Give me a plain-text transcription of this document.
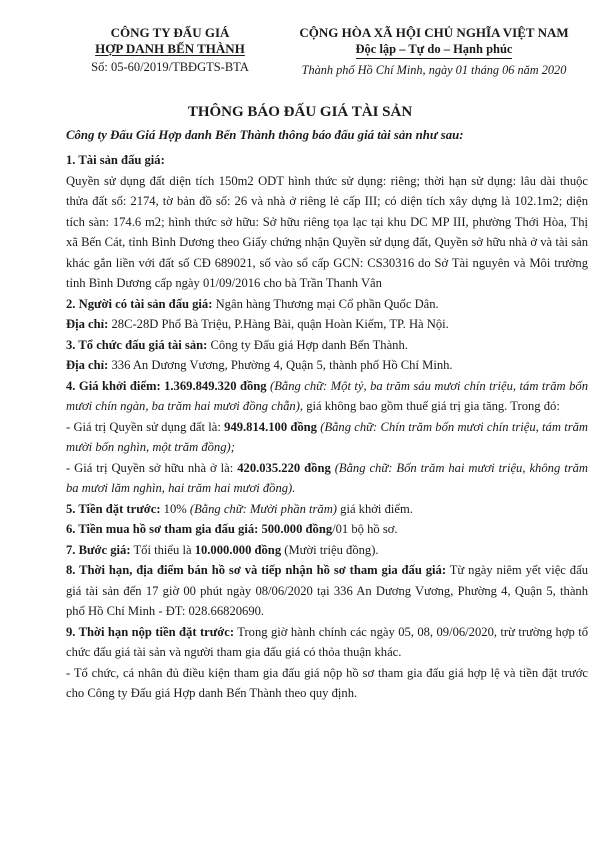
CÔNG TY ĐẤU GIÁ
HỢP DANH BẾN THÀNH
Số: 05-60/2019/TBĐGTS-BTA
CỘNG HÒA XÃ HỘI CHỦ NGHĨA VIỆT NAM
Độc lập – Tự do – Hạnh phúc
Thành phố Hồ Chí Minh, ngày 01 tháng 06 năm 2020
THÔNG BÁO ĐẤU GIÁ TÀI SẢN
Công ty Đấu Giá Hợp danh Bến Thành thông báo đấu giá tài sản như sau:

1. Tài sản đấu giá:

Quyền sử dụng đất diện tích 150m2 ODT hình thức sử dụng: riêng; thời hạn sử dụng: lâu dài thuộc thửa đất số: 2174, tờ bản đồ số: 26 và nhà ở riêng lẻ cấp III; có diện tích xây dựng là 102.1m2; diện tích sàn: 174.6 m2; hình thức sở hữu: Sở hữu riêng tọa lạc tại khu DC MP III, phường Thới Hòa, Thị xã Bến Cát, tỉnh Bình Dương theo Giấy chứng nhận Quyền sử dụng đất, Quyền sở hữu nhà ở và tài sản khác gắn liền với đất số CĐ 689021, số vào sổ cấp GCN: CS30316 do Sở Tài nguyên và Môi trường tỉnh Bình Dương cấp ngày 01/09/2016 cho bà Trần Thanh Vân

2. Người có tài sản đấu giá: Ngân hàng Thương mại Cổ phần Quốc Dân.

Địa chỉ: 28C-28D Phố Bà Triệu, P.Hàng Bài, quận Hoàn Kiếm, TP. Hà Nội.

3. Tổ chức đấu giá tài sản: Công ty Đấu giá Hợp danh Bến Thành.

Địa chỉ: 336 An Dương Vương, Phường 4, Quận 5, thành phố Hồ Chí Minh.

4. Giá khởi điểm: 1.369.849.320 đồng (Bằng chữ: Một tỷ, ba trăm sáu mươi chín triệu, tám trăm bốn mươi chín ngàn, ba trăm hai mươi đồng chẵn), giá không bao gồm thuế giá trị gia tăng. Trong đó:

- Giá trị Quyền sử dụng đất là: 949.814.100 đồng (Bằng chữ: Chín trăm bốn mươi chín triệu, tám trăm mười bốn nghìn, một trăm đồng);

- Giá trị Quyền sở hữu nhà ở là: 420.035.220 đồng (Bằng chữ: Bốn trăm hai mươi triệu, không trăm ba mươi lăm nghìn, hai trăm hai mươi đồng).

5. Tiền đặt trước: 10% (Bằng chữ: Mười phần trăm) giá khởi điểm.

6. Tiền mua hồ sơ tham gia đấu giá: 500.000 đồng/01 bộ hồ sơ.

7. Bước giá: Tối thiểu là 10.000.000 đồng (Mười triệu đồng).

8. Thời hạn, địa điểm bán hồ sơ và tiếp nhận hồ sơ tham gia đấu giá: Từ ngày niêm yết việc đấu giá tài sản đến 17 giờ 00 phút ngày 08/06/2020 tại 336 An Dương Vương, Phường 4, Quận 5, thành phố Hồ Chí Minh - ĐT: 028.66820690.

9. Thời hạn nộp tiền đặt trước: Trong giờ hành chính các ngày 05, 08, 09/06/2020, trừ trường hợp tổ chức đấu giá tài sản và người tham gia đấu giá có thỏa thuận khác.

- Tổ chức, cá nhân đủ điều kiện tham gia đấu giá nộp hồ sơ tham gia đấu giá hợp lệ và tiền đặt trước cho Công ty Đấu giá Hợp danh Bến Thành theo quy định.
